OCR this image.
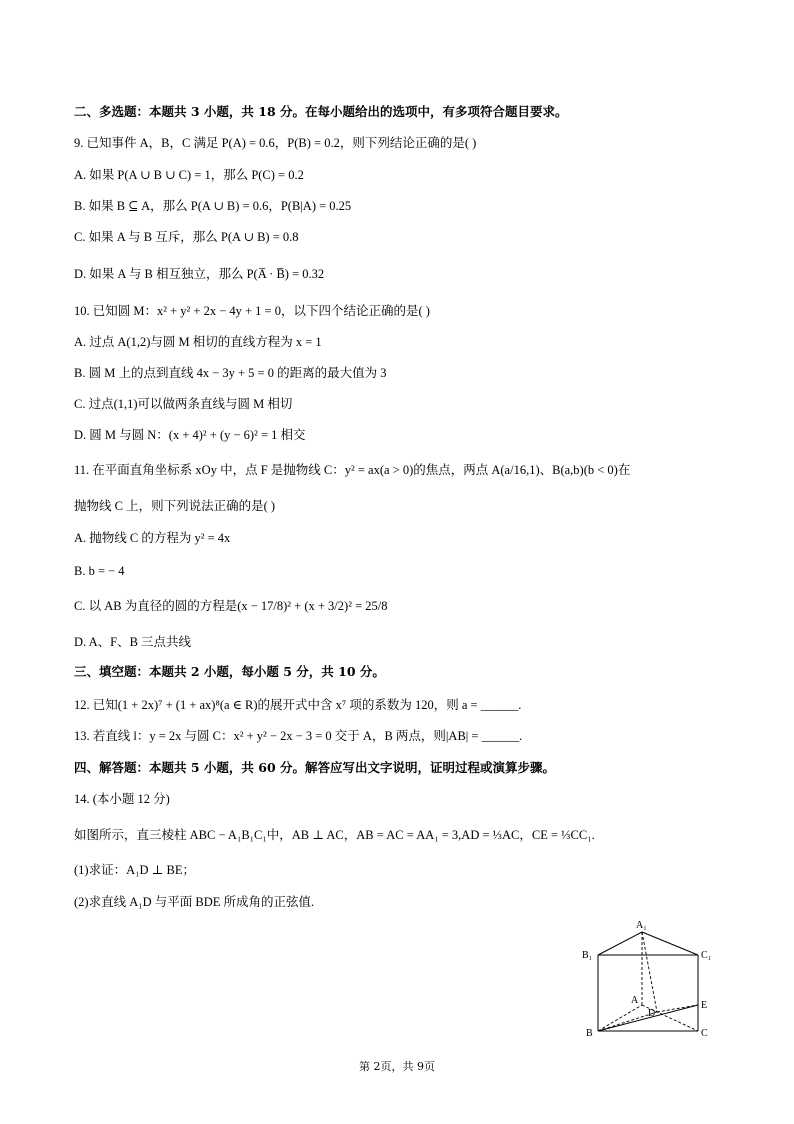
二、多选题：本题共 3 小题，共 18 分。在每小题给出的选项中，有多项符合题目要求。
9. 已知事件 A，B，C 满足 P(A) = 0.6，P(B) = 0.2，则下列结论正确的是( )
A. 如果 P(A ∪ B ∪ C) = 1，那么 P(C) = 0.2
B. 如果 B ⊆ A，那么 P(A ∪ B) = 0.6，P(B|A) = 0.25
C. 如果 A 与 B 互斥，那么 P(A ∪ B) = 0.8
D. 如果 A 与 B 相互独立，那么 P(A̅ · B̅) = 0.32
10. 已知圆 M：x² + y² + 2x − 4y + 1 = 0，以下四个结论正确的是( )
A. 过点 A(1,2)与圆 M 相切的直线方程为 x = 1
B. 圆 M 上的点到直线 4x − 3y + 5 = 0 的距离的最大值为 3
C. 过点(1,1)可以做两条直线与圆 M 相切
D. 圆 M 与圆 N：(x + 4)² + (y − 6)² = 1 相交
11. 在平面直角坐标系 xOy 中，点 F 是抛物线 C：y² = ax(a > 0)的焦点，两点 A(a/16,1)、B(a,b)(b < 0)在
抛物线 C 上，则下列说法正确的是( )
A. 抛物线 C 的方程为 y² = 4x
B. b = − 4
C. 以 AB 为直径的圆的方程是(x − 17/8)² + (x + 3/2)² = 25/8
D. A、F、B 三点共线
三、填空题：本题共 2 小题，每小题 5 分，共 10 分。
12. 已知(1 + 2x)⁷ + (1 + ax)⁸(a ∈ R)的展开式中含 x⁷ 项的系数为 120，则 a = ______.
13. 若直线 l：y = 2x 与圆 C：x² + y² − 2x − 3 = 0 交于 A，B 两点，则|AB| = ______.
四、解答题：本题共 5 小题，共 60 分。解答应写出文字说明，证明过程或演算步骤。
14. (本小题 12 分)
如图所示，直三棱柱 ABC − A₁B₁C₁中，AB ⊥ AC，AB = AC = AA₁ = 3,AD = ⅓AC，CE = ⅓CC₁.
(1)求证：A₁D ⊥ BE；
(2)求直线 A₁D 与平面 BDE 所成角的正弦值.
A₁
B₁	C₁
A
D
E
B	C
第 2页，共 9页
